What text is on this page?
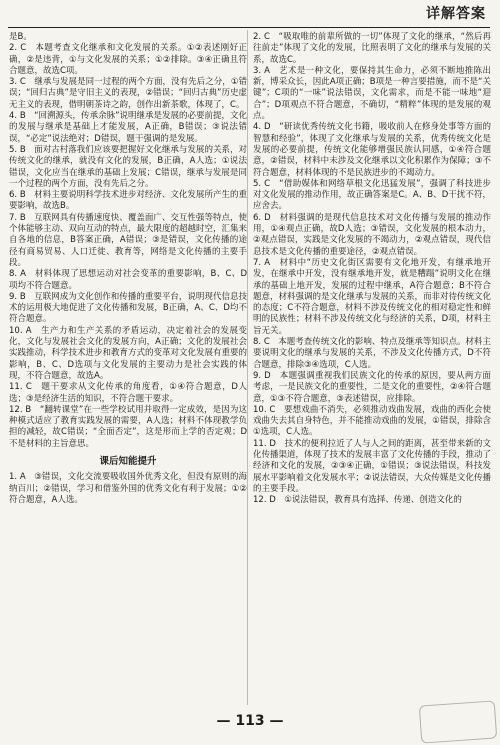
详解答案

是B。

2. C　本题考查文化继承和文化发展的关系。①②表述刚好正确，②是违背，①与文化发展的关系；①②排除。③④正确且符合题意，故选C项。

3. C　继承与发展是同一过程的两个方面，没有先后之分，①错误；“回归古典”是守旧主义的表现，②错误；“回归古典”历史虚无主义的表现，借明朝茶诗之韵，创作出新茶歌，体现了，C。

4. B　“回溯源头，传承余脉”说明继承是发展的必要前提，文化的发展与继承是基础上才能发展，A正确，B错误；③说法错误，“必定”说法绝对；D错误，题干强调的是发展。

5. B　面对古村落我们应该要把握好文化继承与发展的关系，对传统文化的继承，就没有文化的发展，B正确，A人选；①说法错误，文化应当在继承的基础上发展；C错误，继承与发展是同一个过程的两个方面，没有先后之分。

6. B　材料主要说明科学技术进步对经济、文化发展所产生的重要影响，故选B。

7. B　互联网具有传播速度快、覆盖面广、交互性强等特点，使个体能够主动、双向互动的特点，最大限度的超越时空，汇集来自各地的信息，B答案正确，A错误；③是错误，文化传播的途径有商易贸易、人口迁徙、教育等，网络是文化传播的主要手段。

8. A　材料体现了思想运动对社会变革的重要影响，B、C、D项均不符合题意。

9. B　互联网成为文化创作和传播的重要平台，说明现代信息技术的运用极大地促进了文化传播和发展，B正确，A、C、D均不符合题意。

10. A　生产力和生产关系的矛盾运动，决定着社会的发展变化，文化与发展社会文化的发展方向，A正确；文化的发展社会实践推动，科学技术进步和教育方式的变革对文化发展有重要的影响，B、C、D选项与文化发展的主要动力是社会实践的体现，不符合题意，故选A。

11. C　题干要求从文化传承的角度看，①④符合题意，D人选；③是经济生活的知识，不符合题干要求。

12. B　“翻转课堂”在一些学校试用并取得一定成效，是因为这种模式适应了教育实践发展的需要，A人选；材料不体现教学负担的减轻，故C错误；“全面否定”，这是形而上学的否定观；D不是材料的主旨意思。

课后知能提升

1. A　③错误，文化交流要吸收国外优秀文化，但没有原则的海纳百川；②错误，学习和借鉴外国的优秀文化有利于发展；①②符合题意，A人选。

2. C　“吸取唯的前辈所做的一切”体现了文化的继承，“然后再往前走”体现了文化的发展，比照表明了文化的继承与发展的关系，故选C。

3. A　艺术是一种文化，要保持其生命力，必须不断地推陈出新，博采众长，因此A项正确；B项是一种言要措施，而不是“关键”；C项的“一味”说法错误，文化需求，而是不能一味地“迎合”；D项观点不符合题意，不确切，“精粹”体现的是发展的观点。

4. D　“研读优秀传统文化书籍，吸收前人在修身处事等方面的智慧和经验”，体现了文化继承与发展的关系，优秀传统文化是发展的必要前提，传统文化能够增强民族认同感，①④符合题意，②错误，材料中未涉及文化继承以文化积累作为保障；③不符合题意，材料体现的不是民族进步的不竭动力。

5. C　“借助媒体和网络草根文化迅猛发展”，强调了科技进步对文化发展的推动作用，故正确答案是C。A、B、D干扰不符，应舍去。

6. D　材料强调的是现代信息技术对文化传播与发展的推动作用，①④观点正确，故D人选；③错误，文化发展的根本动力，②观点错误，实践是文化发展的不竭动力，②观点错误，现代信息技术是文化传播的重要途径，②观点错误。

7. A　材料中“历史文化街区需要有文化地开发，有继承地开发，在继承中开发，没有继承地开发，就是糟蹋”说明文化在继承的基础上地开发，发展的过程中继承，A符合题意；B不符合题意，材料强调的是文化继承与发展的关系，而非对待传统文化的态度；C不符合题意，材料不涉及传统文化的相对稳定性和鲜明的民族性；材料不涉及传统文化与经济的关系，D项，材料主旨无关。

8. C　本题考查传统文化的影响、特点及继承等知识点。材料主要说明文化的继承与发展的关系，不涉及文化传播方式，D不符合题意，排除③④选项，C人选。

9. D　本题强调重视我们民族文化的传承的原因，要从两方面考虑，一是民族文化的重要性，二是文化的重要性，②④符合题意，①③不符合题意，③表述错误，应排除。

10. C　要想戏曲不消失，必须推动戏曲发展，戏曲的西化会使戏曲失去其自身特色，并不能推动戏曲的发展，①错误，排除含①选项，C人选。

11. D　技术的便利拉近了人与人之间的距离，甚至带来新的文化传播渠道，体现了技术的发展丰富了文化传播的手段，推动了经济和文化的发展，②③④正确，①错误；③说法错误，科技发展水平影响着文化发展水平；②说法错误，大众传媒是文化传播的主要手段。

12. D　①说法错误，教育具有选择、传递、创造文化的

— 113 —
